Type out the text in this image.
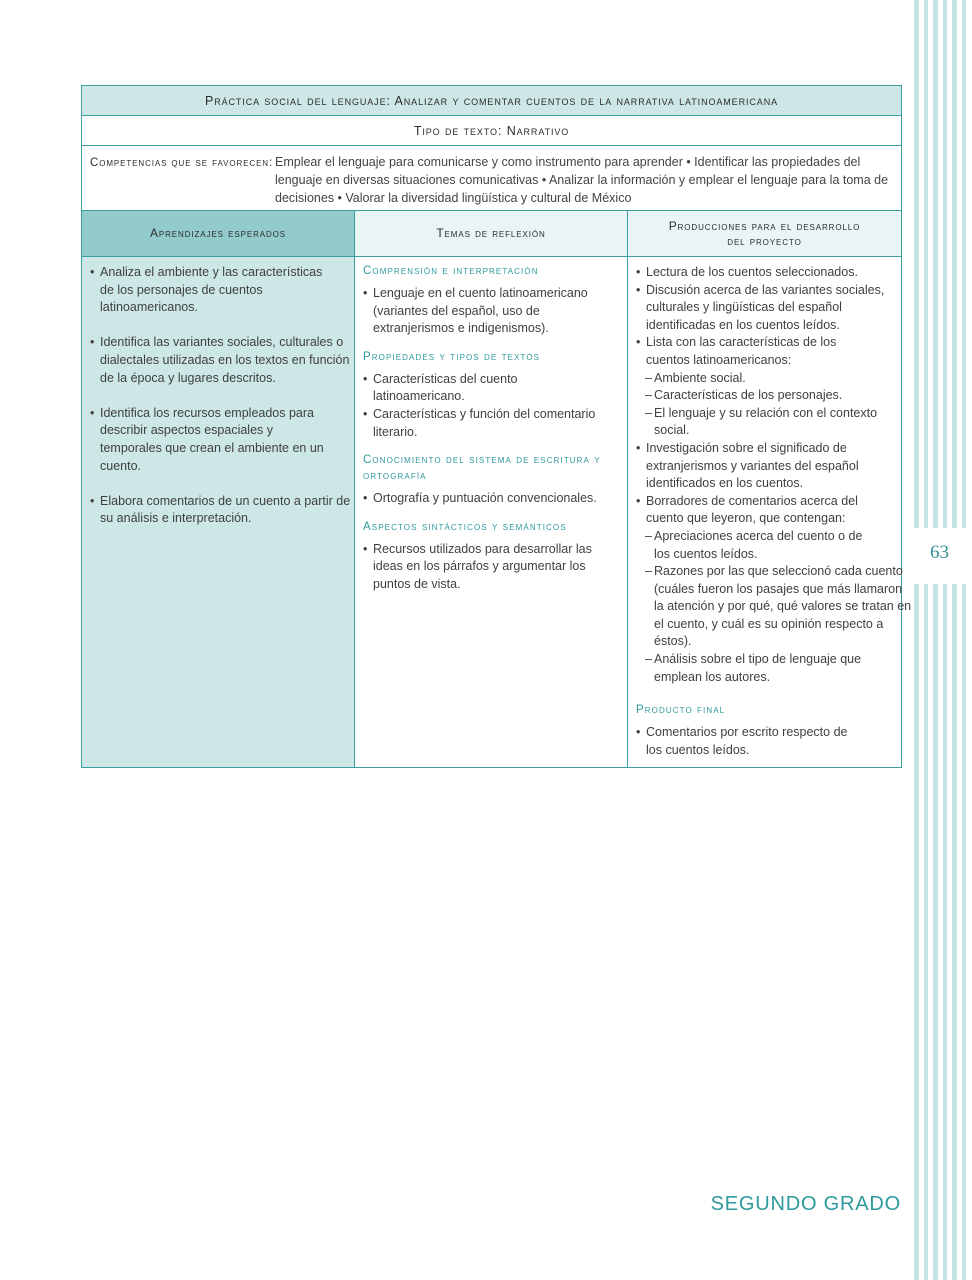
63
Práctica social del lenguaje: Analizar y comentar cuentos de la narrativa latinoamericana
Tipo de texto: Narrativo
Competencias que se favorecen: Emplear el lenguaje para comunicarse y como instrumento para aprender • Identificar las propiedades del lenguaje en diversas situaciones comunicativas • Analizar la información y emplear el lenguaje para la toma de decisiones • Valorar la diversidad lingüística y cultural de México
Aprendizajes esperados	Temas de reflexión
Producciones para el desarrollo
del proyecto
• Analiza el ambiente y las características de los personajes de cuentos latinoamericanos.
• Identifica las variantes sociales, culturales o dialectales utilizadas en los textos en función de la época y lugares descritos.
• Identifica los recursos empleados para describir aspectos espaciales y temporales que crean el ambiente en un cuento.
• Elabora comentarios de un cuento a partir de su análisis e interpretación.
Comprensión e interpretación
• Lenguaje en el cuento latinoamericano (variantes del español, uso de extranjerismos e indigenismos).
Propiedades y tipos de textos
• Características del cuento latinoamericano.
• Características y función del comentario literario.
Conocimiento del sistema de escritura y ortografía
• Ortografía y puntuación convencionales.
Aspectos sintácticos y semánticos
• Recursos utilizados para desarrollar las ideas en los párrafos y argumentar los puntos de vista.
• Lectura de los cuentos seleccionados.
• Discusión acerca de las variantes sociales, culturales y lingüísticas del español identificadas en los cuentos leídos.
• Lista con las características de los cuentos latinoamericanos:
– Ambiente social.
– Características de los personajes.
– El lenguaje y su relación con el contexto social.
• Investigación sobre el significado de extranjerismos y variantes del español identificados en los cuentos.
• Borradores de comentarios acerca del cuento que leyeron, que contengan:
– Apreciaciones acerca del cuento o de los cuentos leídos.
– Razones por las que seleccionó cada cuento (cuáles fueron los pasajes que más llamaron la atención y por qué, qué valores se tratan en el cuento, y cuál es su opinión respecto a éstos).
– Análisis sobre el tipo de lenguaje que emplean los autores.
Producto final
• Comentarios por escrito respecto de los cuentos leídos.
SEGUNDO GRADO
